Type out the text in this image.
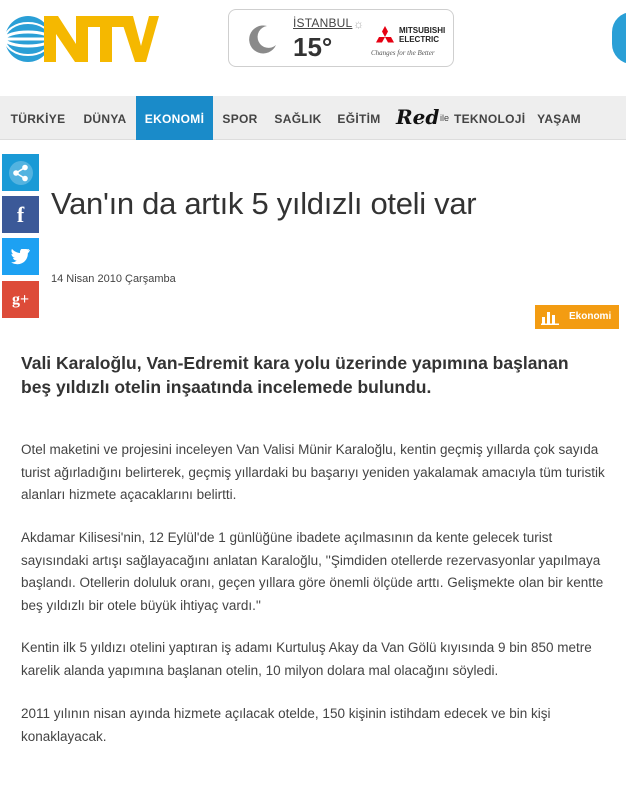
İSTANBUL ☼
15°
MITSUBISHI
ELECTRIC
Changes for the Better
TÜRKİYE	DÜNYA	EKONOMİ	SPOR	SAĞLIK	EĞİTİM	TEKNOLOJİ YAŞAM
Red ile
f
g+
Van'ın da artık 5 yıldızlı oteli var
14 Nisan 2010 Çarşamba
Ekonomi

Vali Karaloğlu, Van-Edremit kara yolu üzerinde yapımına başlanan beş yıldızlı otelin inşaatında incelemede bulundu.

Otel maketini ve projesini inceleyen Van Valisi Münir Karaloğlu, kentin geçmiş yıllarda çok sayıda turist ağırladığını belirterek, geçmiş yıllardaki bu başarıyı yeniden yakalamak amacıyla tüm turistik alanları hizmete açacaklarını belirtti.

Akdamar Kilisesi'nin, 12 Eylül'de 1 günlüğüne ibadete açılmasının da kente gelecek turist sayısındaki artışı sağlayacağını anlatan Karaloğlu, ''Şimdiden otellerde rezervasyonlar yapılmaya başlandı. Otellerin doluluk oranı, geçen yıllara göre önemli ölçüde arttı. Gelişmekte olan bir kentte beş yıldızlı bir otele büyük ihtiyaç vardı.''

Kentin ilk 5 yıldızı otelini yaptıran iş adamı Kurtuluş Akay da Van Gölü kıyısında 9 bin 850 metre karelik alanda yapımına başlanan otelin, 10 milyon dolara mal olacağını söyledi.

2011 yılının nisan ayında hizmete açılacak otelde, 150 kişinin istihdam edecek ve bin kişi konaklayacak.
